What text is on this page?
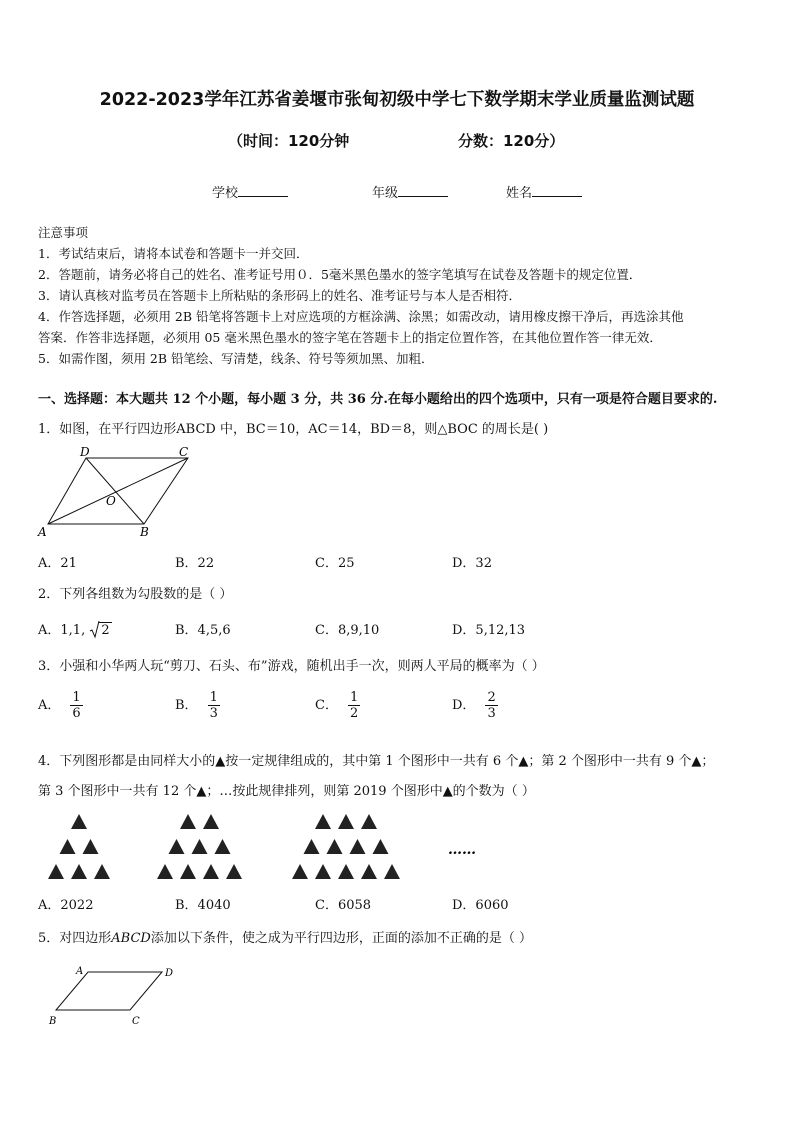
2022-2023学年江苏省姜堰市张甸初级中学七下数学期末学业质量监测试题
（时间：120分钟	分数：120分）
学校	年级	姓名
注意事项
1．考试结束后，请将本试卷和答题卡一并交回．
2．答题前，请务必将自己的姓名、准考证号用０．5毫米黑色墨水的签字笔填写在试卷及答题卡的规定位置．
3．请认真核对监考员在答题卡上所粘贴的条形码上的姓名、准考证号与本人是否相符．
4．作答选择题，必须用 2B 铅笔将答题卡上对应选项的方框涂满、涂黑；如需改动，请用橡皮擦干净后，再选涂其他
答案．作答非选择题，必须用 05 毫米黑色墨水的签字笔在答题卡上的指定位置作答，在其他位置作答一律无效．
5．如需作图，须用 2B 铅笔绘、写清楚，线条、符号等须加黑、加粗．
一、选择题：本大题共 12 个小题，每小题 3 分，共 36 分.在每小题给出的四个选项中，只有一项是符合题目要求的.
1．如图，在平行四边形ABCD 中，BC＝10，AC＝14，BD＝8，则△BOC 的周长是( )
D	C
O
A	B
A．21	B．22	C．25	D．32
2．下列各组数为勾股数的是（ ）
A．1,1, 2	B．4,5,6	C．8,9,10	D．5,12,13
3．小强和小华两人玩“剪刀、石头、布”游戏，随机出手一次，则两人平局的概率为（ ）
A． $\frac{1}{6}$	B． $\frac{1}{3}$	C． $\frac{1}{2}$	D． $\frac{2}{3}$
4．下列图形都是由同样大小的▲按一定规律组成的，其中第 1 个图形中一共有 6 个▲；第 2 个图形中一共有 9 个▲；
第 3 个图形中一共有 12 个▲；…按此规律排列，则第 2019 个图形中▲的个数为（ ）
……
A．2022	B．4040	C．6058	D．6060
5．对四边形ABCD添加以下条件，使之成为平行四边形，正面的添加不正确的是（ ）
A	D
B	C
